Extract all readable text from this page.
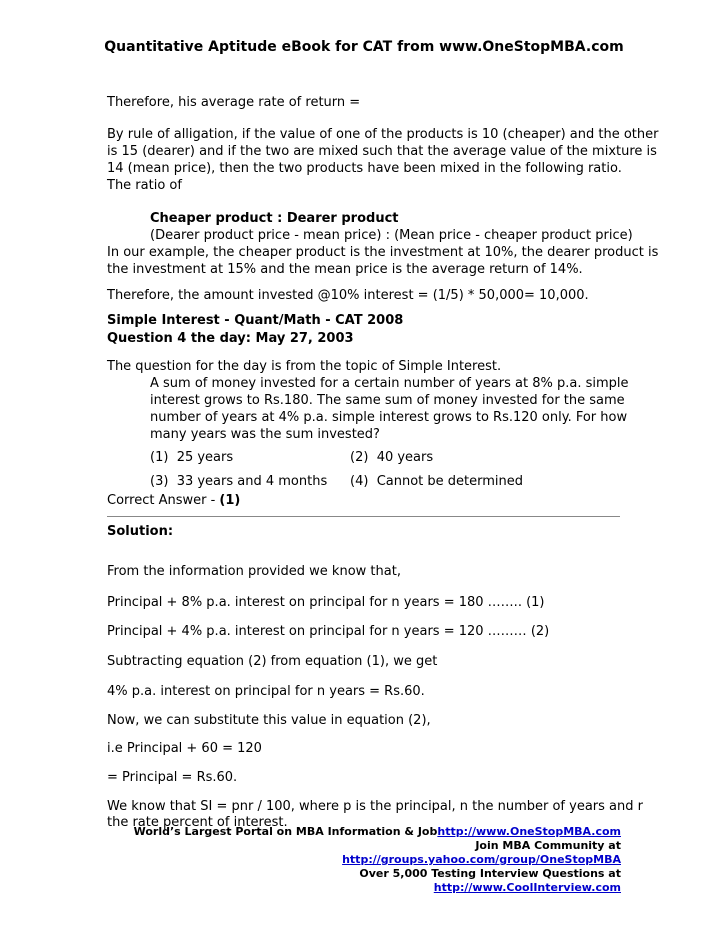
Quantitative Aptitude eBook for CAT from www.OneStopMBA.com
Therefore, his average rate of return =
By rule of alligation, if the value of one of the products is 10 (cheaper) and the other
is 15 (dearer) and if the two are mixed such that the average value of the mixture is
14 (mean price), then the two products have been mixed in the following ratio.
The ratio of
Cheaper product : Dearer product
(Dearer product price - mean price) : (Mean price - cheaper product price)
In our example, the cheaper product is the investment at 10%, the dearer product is
the investment at 15% and the mean price is the average return of 14%.
Therefore, the amount invested @10% interest = (1/5) * 50,000= 10,000.
Simple Interest - Quant/Math - CAT 2008
Question 4 the day: May 27, 2003
The question for the day is from the topic of Simple Interest.
A sum of money invested for a certain number of years at 8% p.a. simple
interest grows to Rs.180. The same sum of money invested for the same
number of years at 4% p.a. simple interest grows to Rs.120 only. For how
many years was the sum invested?
(1) 25 years	(2) 40 years
(3) 33 years and 4 months (4) Cannot be determined
Correct Answer - (1)
Solution:
From the information provided we know that,
Principal + 8% p.a. interest on principal for n years = 180 …….. (1)
Principal + 4% p.a. interest on principal for n years = 120 ……… (2)
Subtracting equation (2) from equation (1), we get
4% p.a. interest on principal for n years = Rs.60.
Now, we can substitute this value in equation (2),
i.e Principal + 60 = 120
= Principal = Rs.60.
We know that SI = pnr / 100, where p is the principal, n the number of years and r
the rate percent of interest.
World’s Largest Portal on MBA Information & Jobhttp://www.OneStopMBA.com
Join MBA Community at
http://groups.yahoo.com/group/OneStopMBA
Over 5,000 Testing Interview Questions at
http://www.CoolInterview.com
